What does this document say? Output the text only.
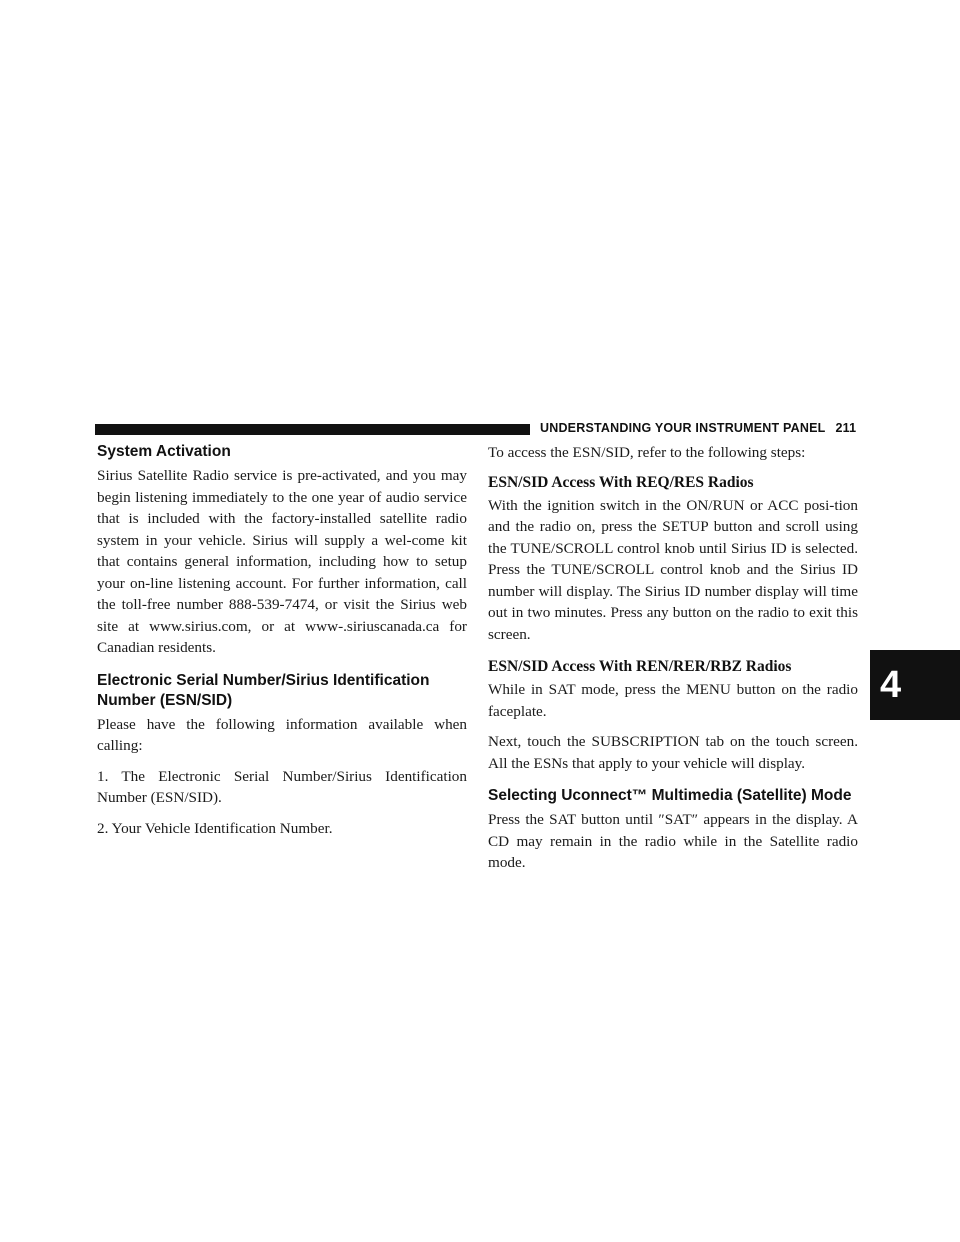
UNDERSTANDING YOUR INSTRUMENT PANEL 211
4
System Activation

Sirius Satellite Radio service is pre-activated, and you may begin listening immediately to the one year of audio service that is included with the factory-installed satellite radio system in your vehicle. Sirius will supply a wel-come kit that contains general information, including how to setup your on-line listening account. For further information, call the toll-free number 888-539-7474, or visit the Sirius web site at www.sirius.com, or at www-.siriuscanada.ca for Canadian residents.

Electronic Serial Number/Sirius Identification Number (ESN/SID)

Please have the following information available when calling:

1. The Electronic Serial Number/Sirius Identification Number (ESN/SID).

2. Your Vehicle Identification Number.

To access the ESN/SID, refer to the following steps:

ESN/SID Access With REQ/RES Radios

With the ignition switch in the ON/RUN or ACC posi-tion and the radio on, press the SETUP button and scroll using the TUNE/SCROLL control knob until Sirius ID is selected. Press the TUNE/SCROLL control knob and the Sirius ID number will display. The Sirius ID number display will time out in two minutes. Press any button on the radio to exit this screen.

ESN/SID Access With REN/RER/RBZ Radios

While in SAT mode, press the MENU button on the radio faceplate.

Next, touch the SUBSCRIPTION tab on the touch screen. All the ESNs that apply to your vehicle will display.

Selecting Uconnect™ Multimedia (Satellite) Mode

Press the SAT button until ″SAT″ appears in the display. A CD may remain in the radio while in the Satellite radio mode.
